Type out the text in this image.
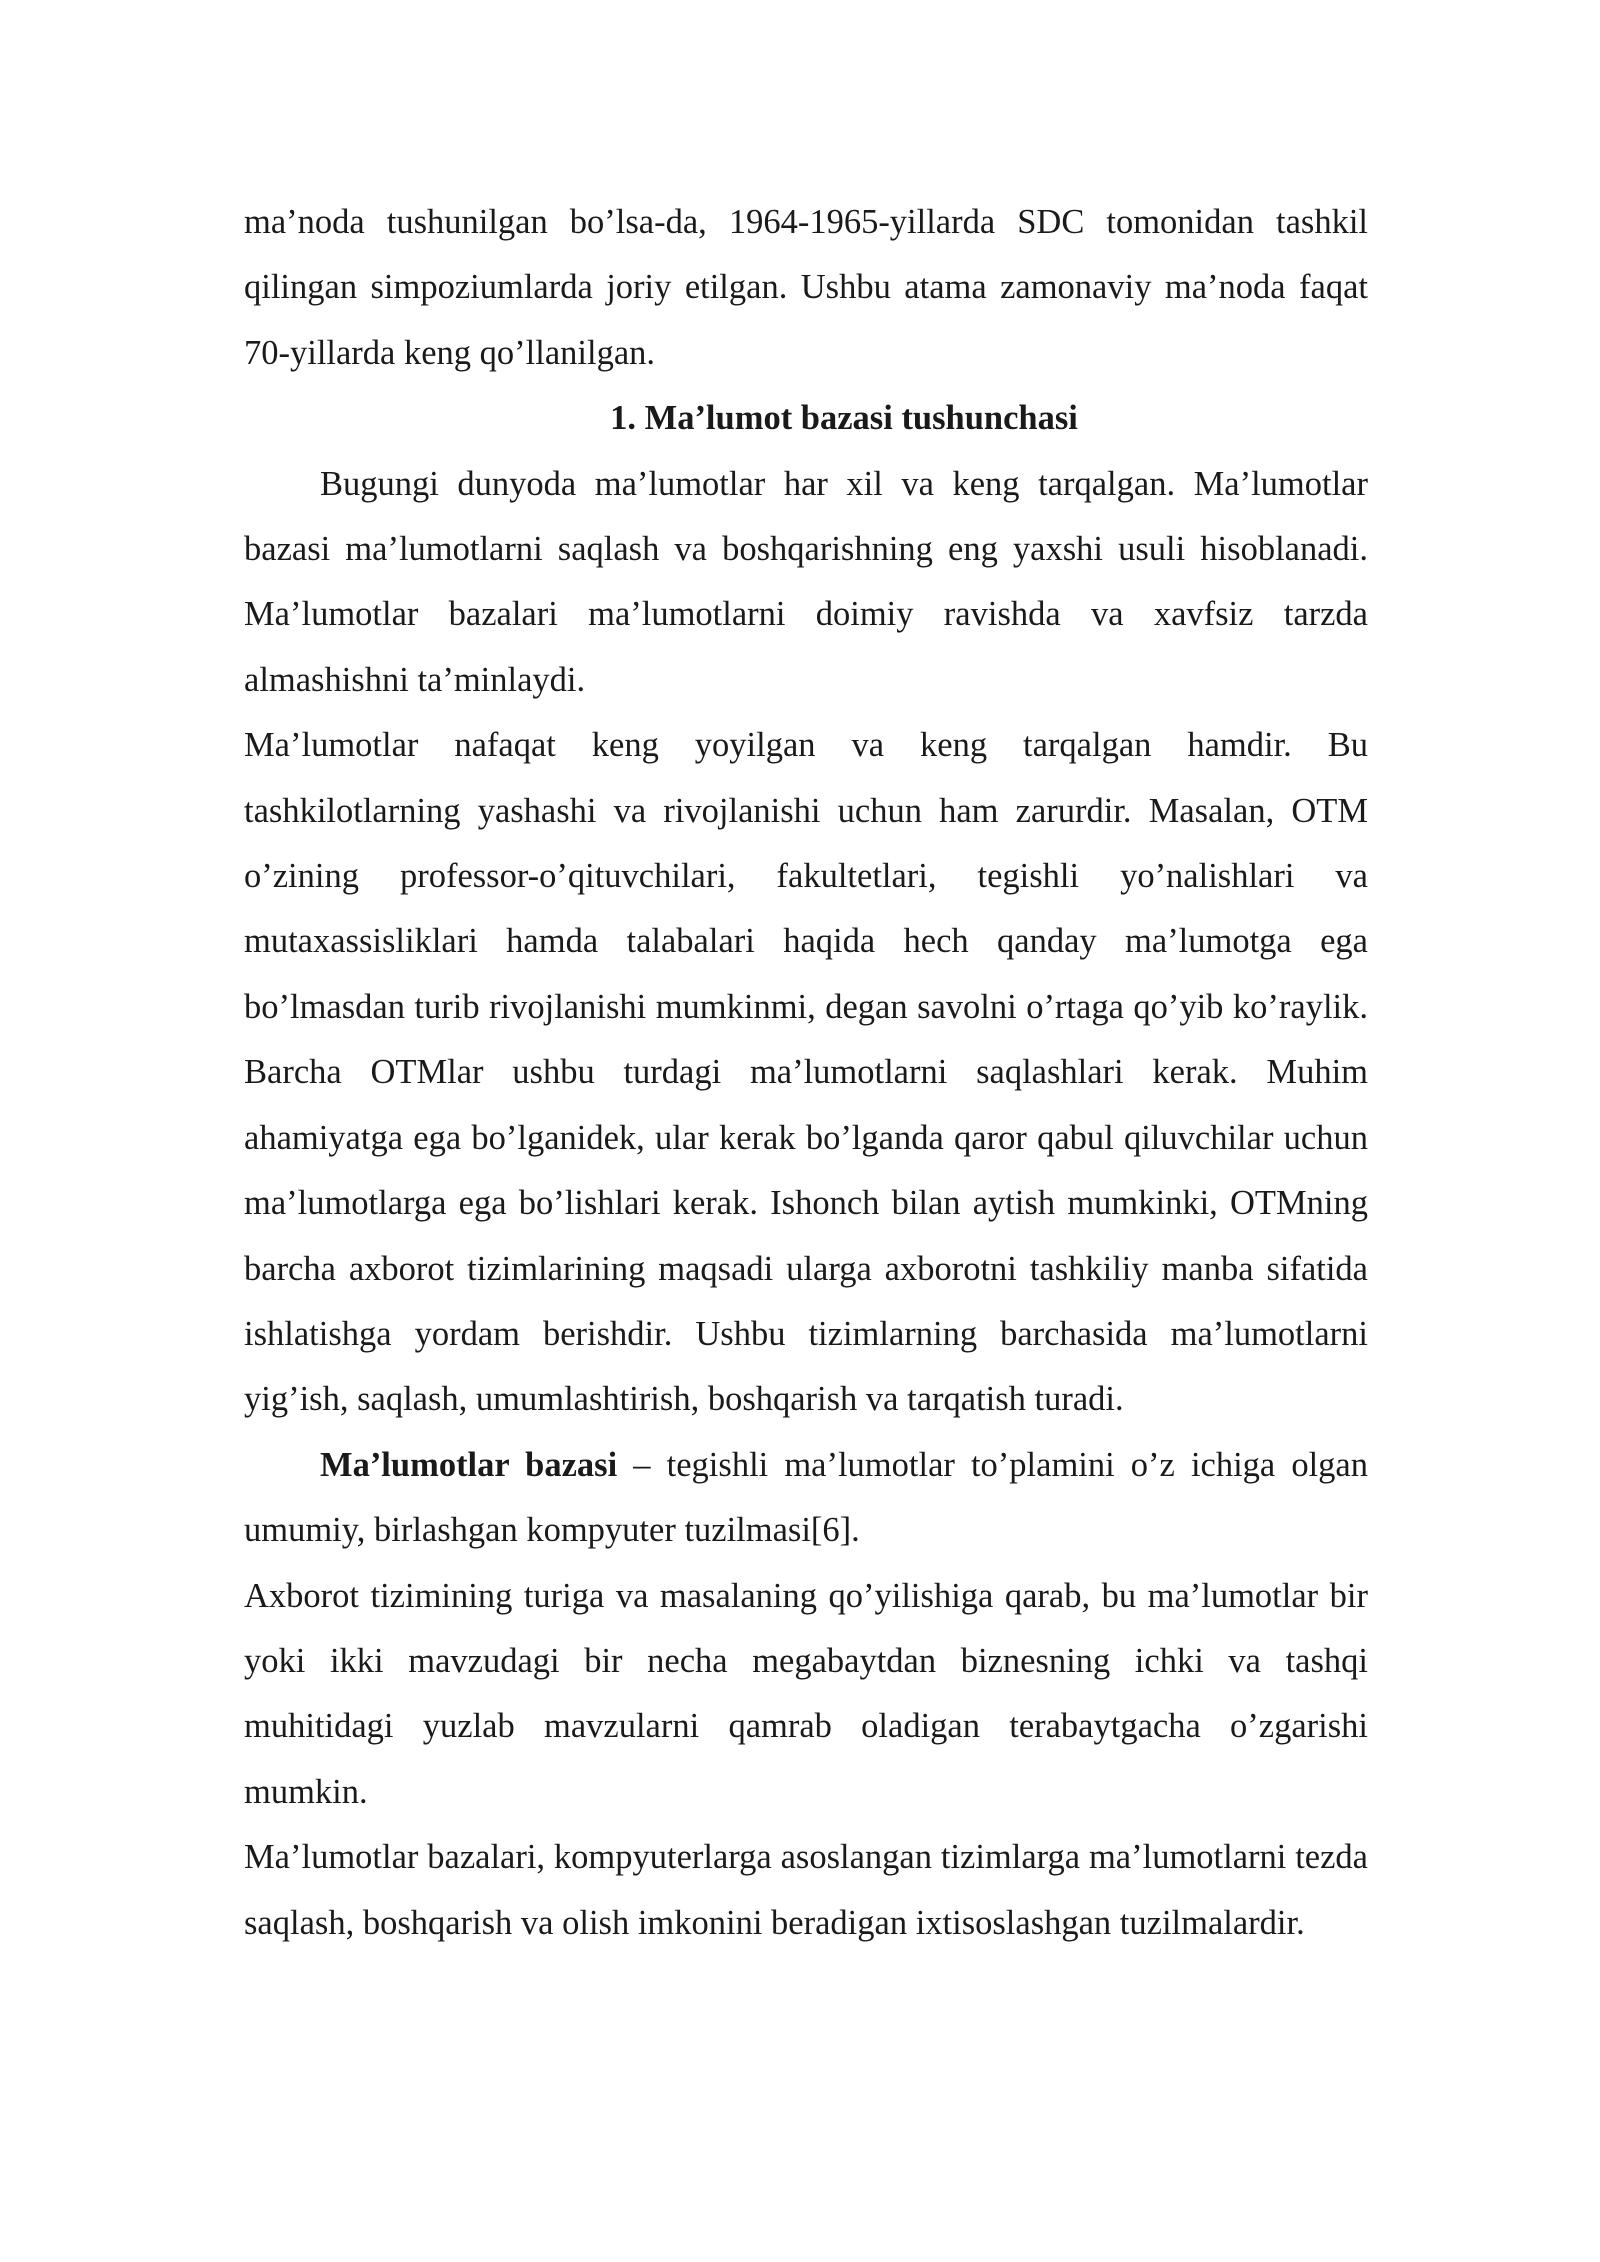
ma’noda tushunilgan bo’lsa-da, 1964-1965-yillarda SDC tomonidan tashkil qilingan simpoziumlarda joriy etilgan. Ushbu atama zamonaviy ma’noda faqat 70-yillarda keng qo’llanilgan.

1. Ma’lumot bazasi tushunchasi

Bugungi dunyoda ma’lumotlar har xil va keng tarqalgan. Ma’lumotlar bazasi ma’lumotlarni saqlash va boshqarishning eng yaxshi usuli hisoblanadi. Ma’lumotlar bazalari ma’lumotlarni doimiy ravishda va xavfsiz tarzda almashishni ta’minlaydi.

Ma’lumotlar nafaqat keng yoyilgan va keng tarqalgan hamdir. Bu tashkilotlarning yashashi va rivojlanishi uchun ham zarurdir. Masalan, OTM o’zining professor-o’qituvchilari, fakultetlari, tegishli yo’nalishlari va mutaxassisliklari hamda talabalari haqida hech qanday ma’lumotga ega bo’lmasdan turib rivojlanishi mumkinmi, degan savolni o’rtaga qo’yib ko’raylik. Barcha OTMlar ushbu turdagi ma’lumotlarni saqlashlari kerak. Muhim ahamiyatga ega bo’lganidek, ular kerak bo’lganda qaror qabul qiluvchilar uchun ma’lumotlarga ega bo’lishlari kerak. Ishonch bilan aytish mumkinki, OTMning barcha axborot tizimlarining maqsadi ularga axborotni tashkiliy manba sifatida ishlatishga yordam berishdir. Ushbu tizimlarning barchasida ma’lumotlarni yig’ish, saqlash, umumlashtirish, boshqarish va tarqatish turadi.

Ma’lumotlar bazasi – tegishli ma’lumotlar to’plamini o’z ichiga olgan umumiy, birlashgan kompyuter tuzilmasi[6].

Axborot tizimining turiga va masalaning qo’yilishiga qarab, bu ma’lumotlar bir yoki ikki mavzudagi bir necha megabaytdan biznesning ichki va tashqi muhitidagi yuzlab mavzularni qamrab oladigan terabaytgacha o’zgarishi mumkin.

Ma’lumotlar bazalari, kompyuterlarga asoslangan tizimlarga ma’lumotlarni tezda saqlash, boshqarish va olish imkonini beradigan ixtisoslashgan tuzilmalardir.
